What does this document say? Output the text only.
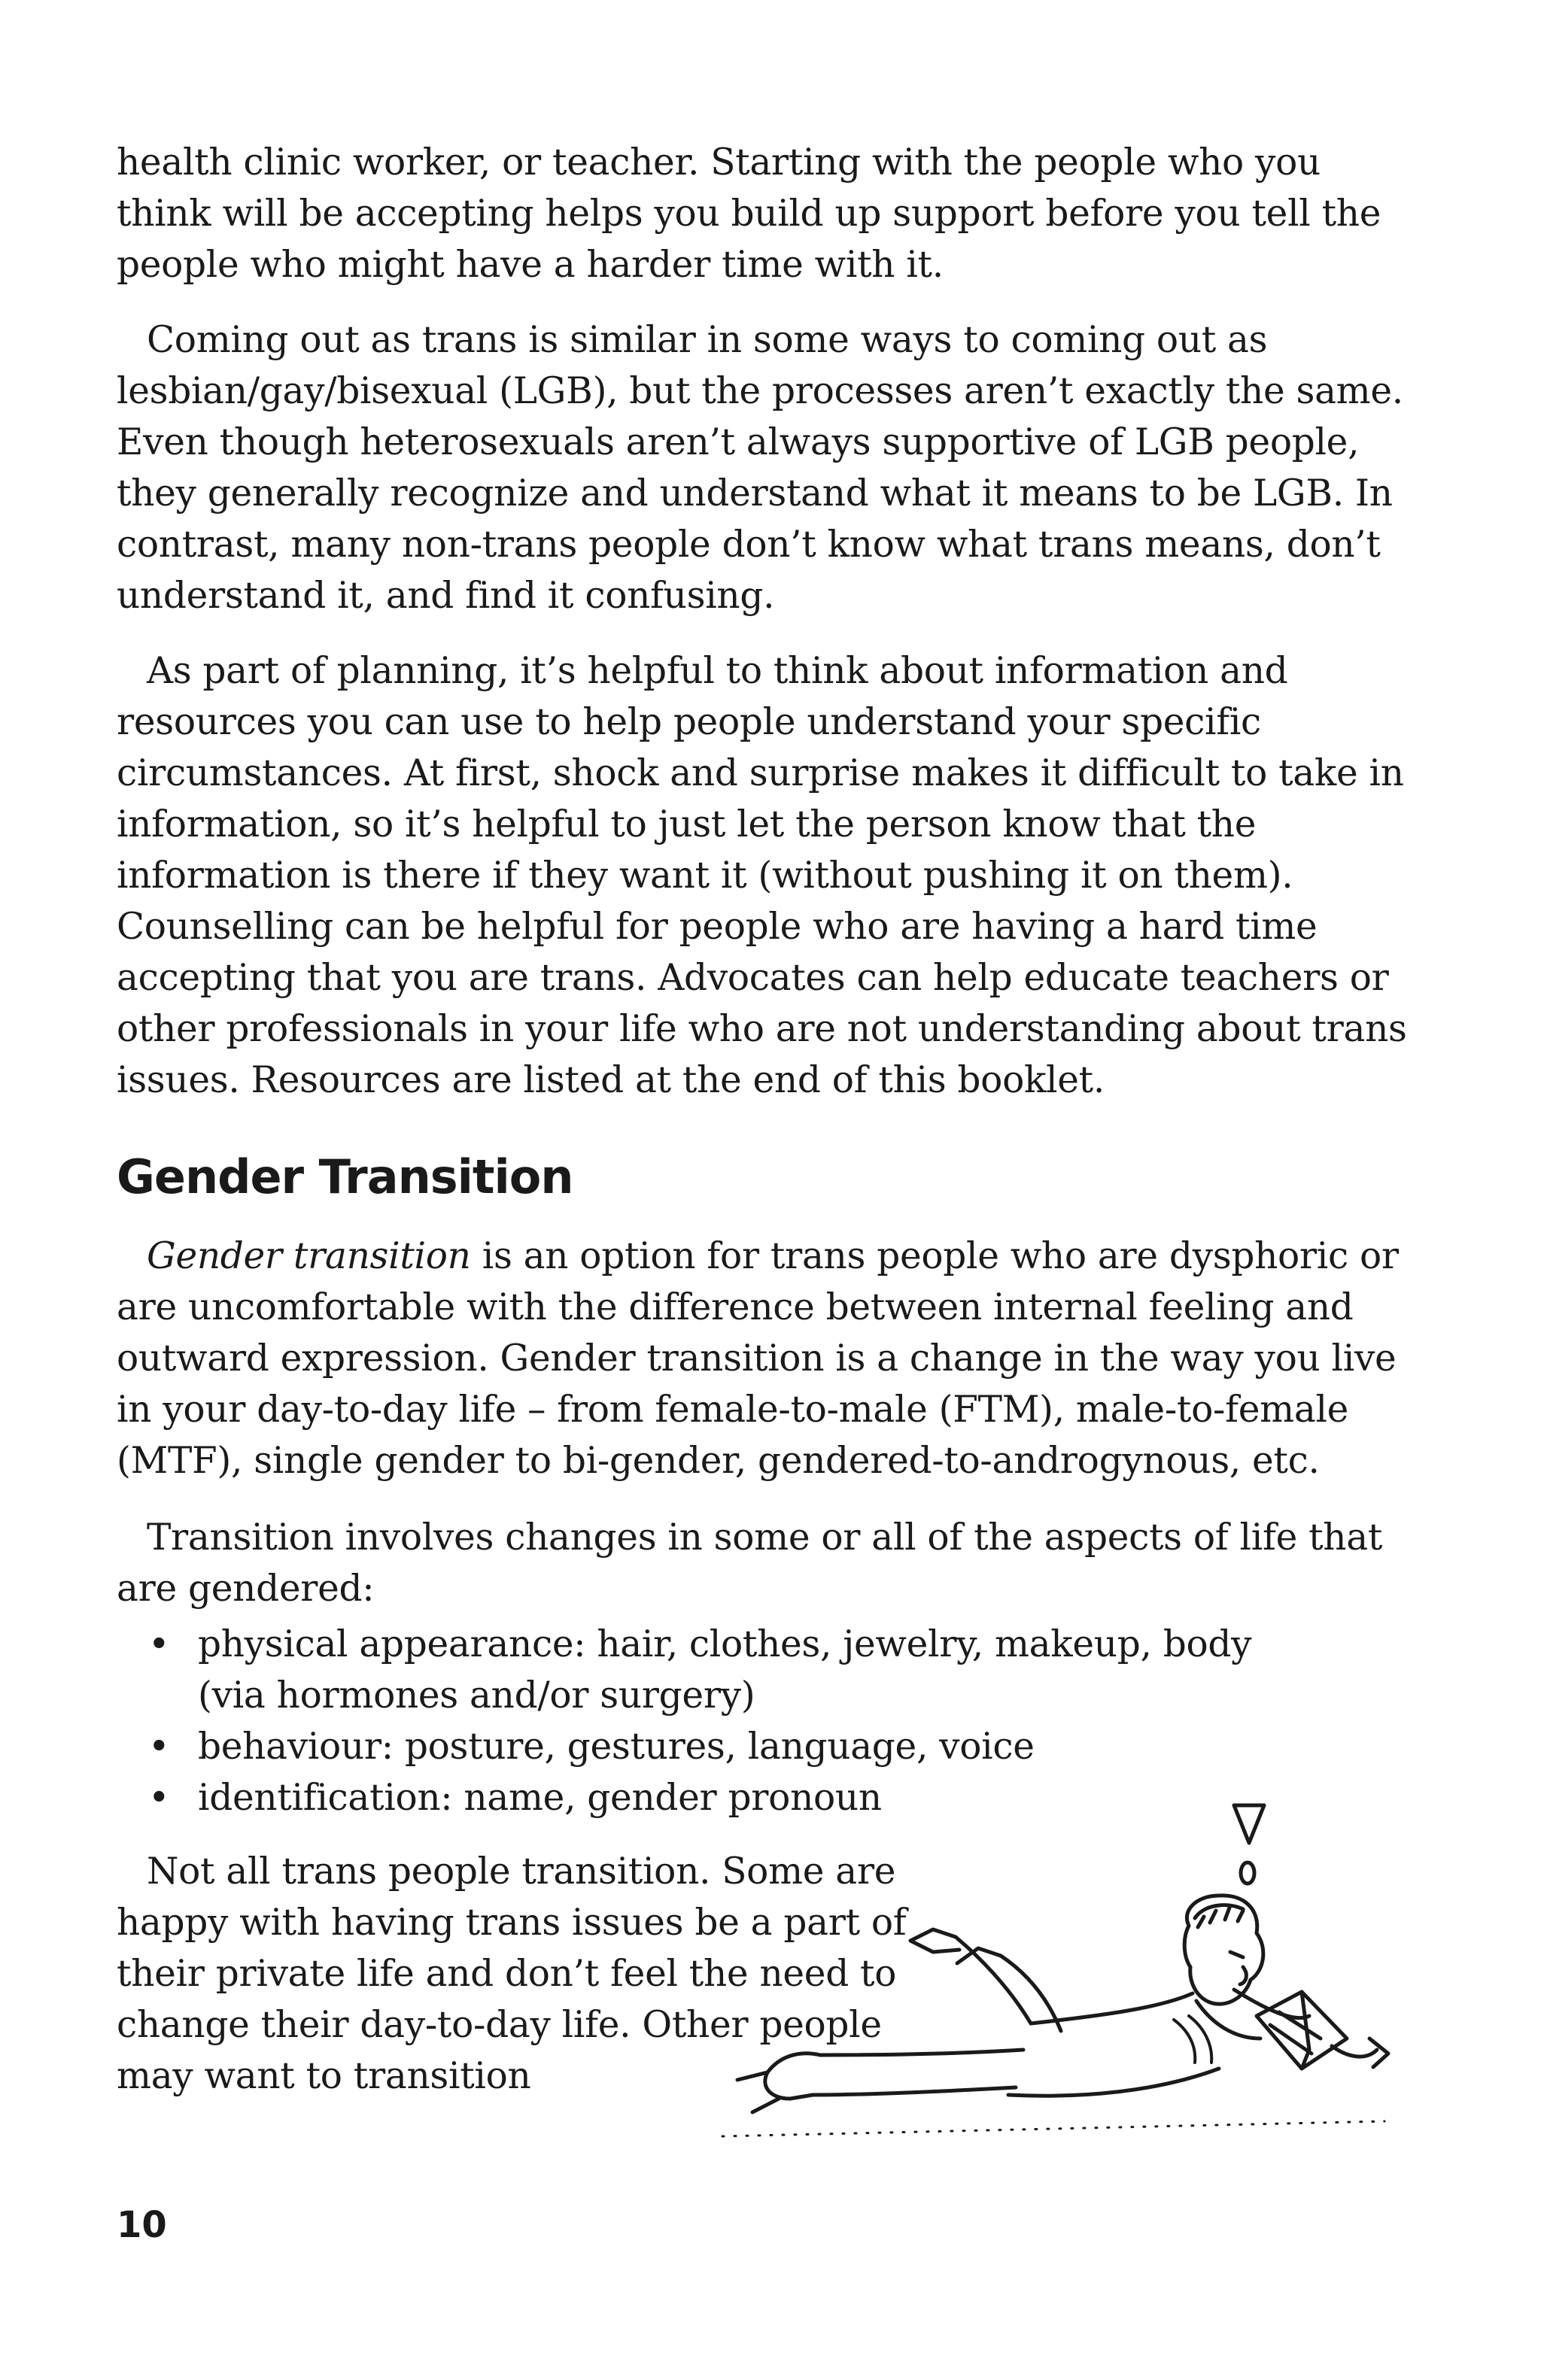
health clinic worker, or teacher. Starting with the people who you think will be accepting helps you build up support before you tell the people who might have a harder time with it.

Coming out as trans is similar in some ways to coming out as lesbian/gay/bisexual (LGB), but the processes aren’t exactly the same. Even though heterosexuals aren’t always supportive of LGB people, they generally recognize and understand what it means to be LGB. In contrast, many non-trans people don’t know what trans means, don’t understand it, and find it confusing.

As part of planning, it’s helpful to think about information and resources you can use to help people understand your specific circumstances. At first, shock and surprise makes it difficult to take in information, so it’s helpful to just let the person know that the information is there if they want it (without pushing it on them). Counselling can be helpful for people who are having a hard time accepting that you are trans. Advocates can help educate teachers or other professionals in your life who are not understanding about trans issues. Resources are listed at the end of this booklet.

Gender Transition

Gender transition is an option for trans people who are dysphoric or are uncomfortable with the difference between internal feeling and outward expression. Gender transition is a change in the way you live in your day-to-day life – from female-to-male (FTM), male-to-female (MTF), single gender to bi-gender, gendered-to-androgynous, etc.

Transition involves changes in some or all of the aspects of life that are gendered:

• physical appearance: hair, clothes, jewelry, makeup, body (via hormones and/or surgery)
• behaviour: posture, gestures, language, voice
• identification: name, gender pronoun

Not all trans people transition. Some are happy with having trans issues be a part of their private life and don’t feel the need to change their day-to-day life. Other people may want to transition

10
